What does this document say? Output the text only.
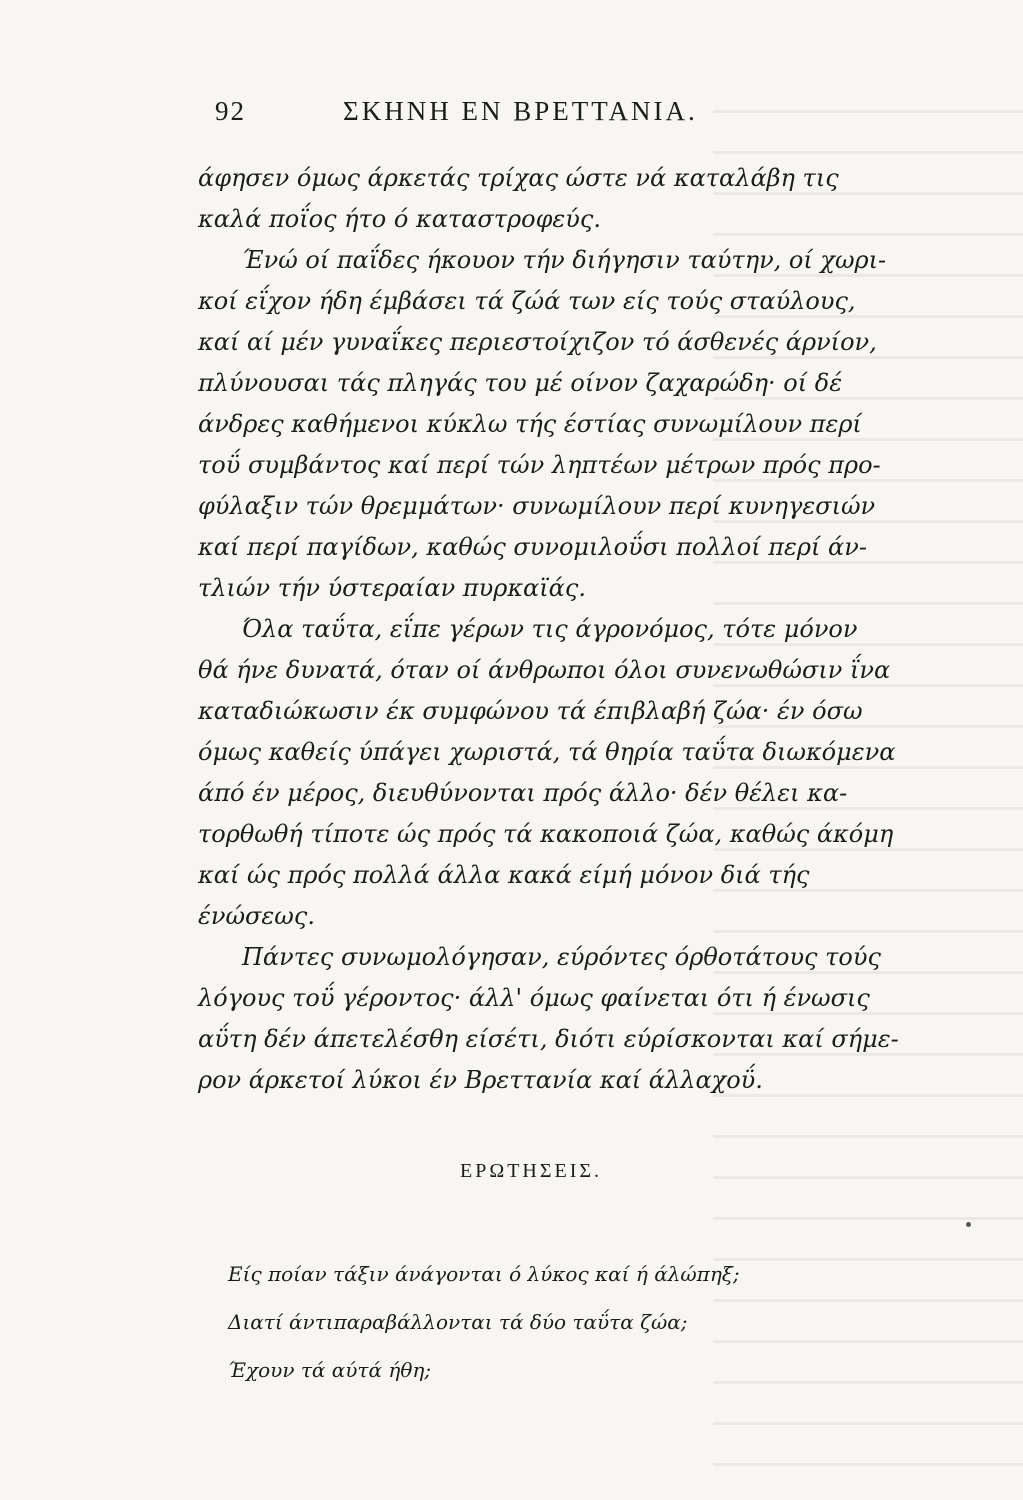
92	ΣΚΗΝΗ ΕΝ ΒΡΕΤΤΑΝΙΑ.
άφησεν όμως άρκετάς τρίχας ώστε νά καταλάβη τις
καλά ποΐος ήτο ό καταστροφεύς.
Ένώ οί παΐδες ήκουον τήν διήγησιν ταύτην, οί χωρι-
κοί εΐχον ήδη έμβάσει τά ζώά των είς τούς σταύλους,
καί αί μέν γυναΐκες περιεστοίχιζον τό άσθενές άρνίον,
πλύνουσαι τάς πληγάς του μέ οίνον ζαχαρώδη· οί δέ
άνδρες καθήμενοι κύκλω τής έστίας συνωμίλουν περί
τοΰ συμβάντος καί περί τών ληπτέων μέτρων πρός προ-
φύλαξιν τών θρεμμάτων· συνωμίλουν περί κυνηγεσιών
καί περί παγίδων, καθώς συνομιλοΰσι πολλοί περί άν-
τλιών τήν ύστεραίαν πυρκαϊάς.
Όλα ταΰτα, εΐπε γέρων τις άγρονόμος, τότε μόνον
θά ήνε δυνατά, όταν οί άνθρωποι όλοι συνενωθώσιν ΐνα
καταδιώκωσιν έκ συμφώνου τά έπιβλαβή ζώα· έν όσω
όμως καθείς ύπάγει χωριστά, τά θηρία ταΰτα διωκόμενα
άπό έν μέρος, διευθύνονται πρός άλλο· δέν θέλει κα-
τορθωθή τίποτε ώς πρός τά κακοποιά ζώα, καθώς άκόμη
καί ώς πρός πολλά άλλα κακά είμή μόνον διά τής
ένώσεως.
Πάντες συνωμολόγησαν, εύρόντες όρθοτάτους τούς
λόγους τοΰ γέροντος· άλλ' όμως φαίνεται ότι ή ένωσις
αΰτη δέν άπετελέσθη είσέτι, διότι εύρίσκονται καί σήμε-
ρον άρκετοί λύκοι έν Βρεττανία καί άλλαχοΰ.
ΕΡΩΤΗΣΕΙΣ.
Είς ποίαν τάξιν άνάγονται ό λύκος καί ή άλώπηξ;
Διατί άντιπαραβάλλονται τά δύο ταΰτα ζώα;
Έχουν τά αύτά ήθη;
